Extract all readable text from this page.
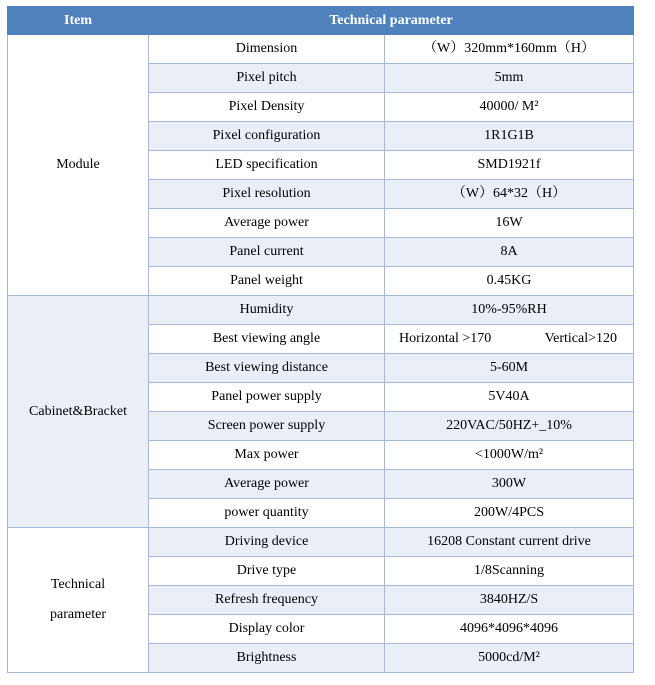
Item	Technical parameter	
Module	Dimension	（W）320mm*160mm（H）
	Pixel pitch	5mm
	Pixel Density	40000/ M²
	Pixel configuration	1R1G1B
	LED specification	SMD1921f
	Pixel resolution	（W）64*32（H）
	Average power	16W
	Panel current	8A
	Panel weight	0.45KG
Cabinet&Bracket	Humidity	10%-95%RH
	Best viewing angle	Horizontal >170 Vertical>120

	Best viewing distance	5-60M
	Panel power supply	5V40A
	Screen power supply	220VAC/50HZ+_10%
	Max power	<1000W/m²
	Average power	300W
	power quantity	200W/4PCS

Technical
parameter	Driving device	16208 Constant current drive
	Drive type	1/8Scanning
	Refresh frequency	3840HZ/S
	Display color	4096*4096*4096
	Brightness	5000cd/M²
